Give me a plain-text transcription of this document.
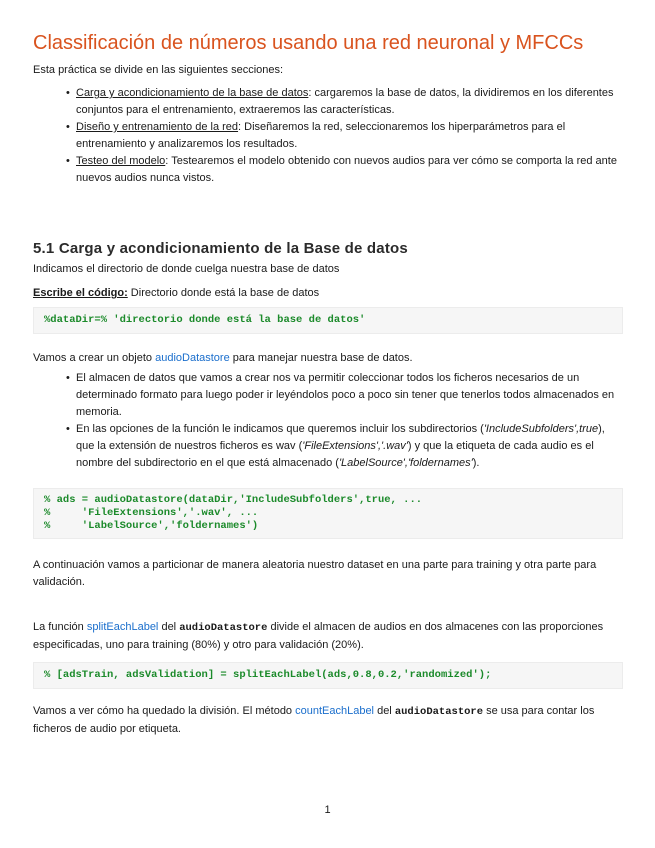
Classificación de números usando una red neuronal y MFCCs

Esta práctica se divide en las siguientes secciones:

• Carga y acondicionamiento de la base de datos: cargaremos la base de datos, la dividiremos en los diferentes conjuntos para el entrenamiento, extraeremos las características.
• Diseño y entrenamiento de la red: Diseñaremos la red, seleccionaremos los hiperparámetros para el entrenamiento y analizaremos los resultados.
• Testeo del modelo: Testearemos el modelo obtenido con nuevos audios para ver cómo se comporta la red ante nuevos audios nunca vistos.
5.1 Carga y acondicionamiento de la Base de datos

Indicamos el directorio de donde cuelga nuestra base de datos

Escribe el código: Directorio donde está la base de datos

%dataDir=% 'directorio donde está la base de datos'

Vamos a crear un objeto audioDatastore para manejar nuestra base de datos.

• El almacen de datos que vamos a crear nos va permitir coleccionar todos los ficheros necesarios de un determinado formato para luego poder ir leyéndolos poco a poco sin tener que tenerlos todos almacenados en memoria.
• En las opciones de la función le indicamos que queremos incluir los subdirectorios ('IncludeSubfolders',true), que la extensión de nuestros ficheros es wav ('FileExtensions','.wav') y que la etiqueta de cada audio es el nombre del subdirectorio en el que está almacenado ('LabelSource','foldernames').
% ads = audioDatastore(dataDir,'IncludeSubfolders',true, ...
%     'FileExtensions','.wav', ...
%     'LabelSource','foldernames')

A continuación vamos a particionar de manera aleatoria nuestro dataset en una parte para training y otra parte para validación.

La función splitEachLabel del audioDatastore divide el almacen de audios en dos almacenes con las proporciones especificadas, uno para training (80%) y otro para validación (20%).

% [adsTrain, adsValidation] = splitEachLabel(ads,0.8,0.2,'randomized');

Vamos a ver cómo ha quedado la división. El método countEachLabel del audioDatastore se usa para contar los ficheros de audio por etiqueta.

1
